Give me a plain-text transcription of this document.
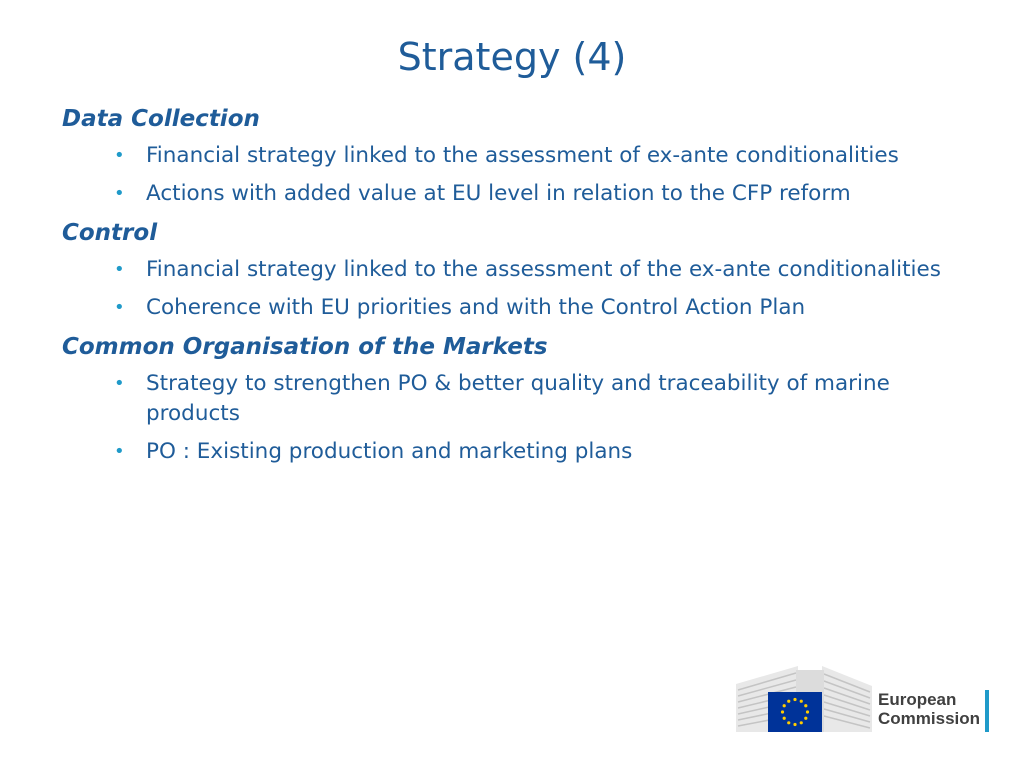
Strategy (4)
Data Collection
• Financial strategy linked to the assessment of ex-ante conditionalities
• Actions with added value at EU level in relation to the CFP reform
Control
• Financial strategy linked to the assessment of the ex-ante conditionalities
• Coherence with EU priorities and with the Control Action Plan
Common Organisation of the Markets
• Strategy to strengthen PO & better quality and traceability of marine products
• PO : Existing production and marketing plans
European
Commission
